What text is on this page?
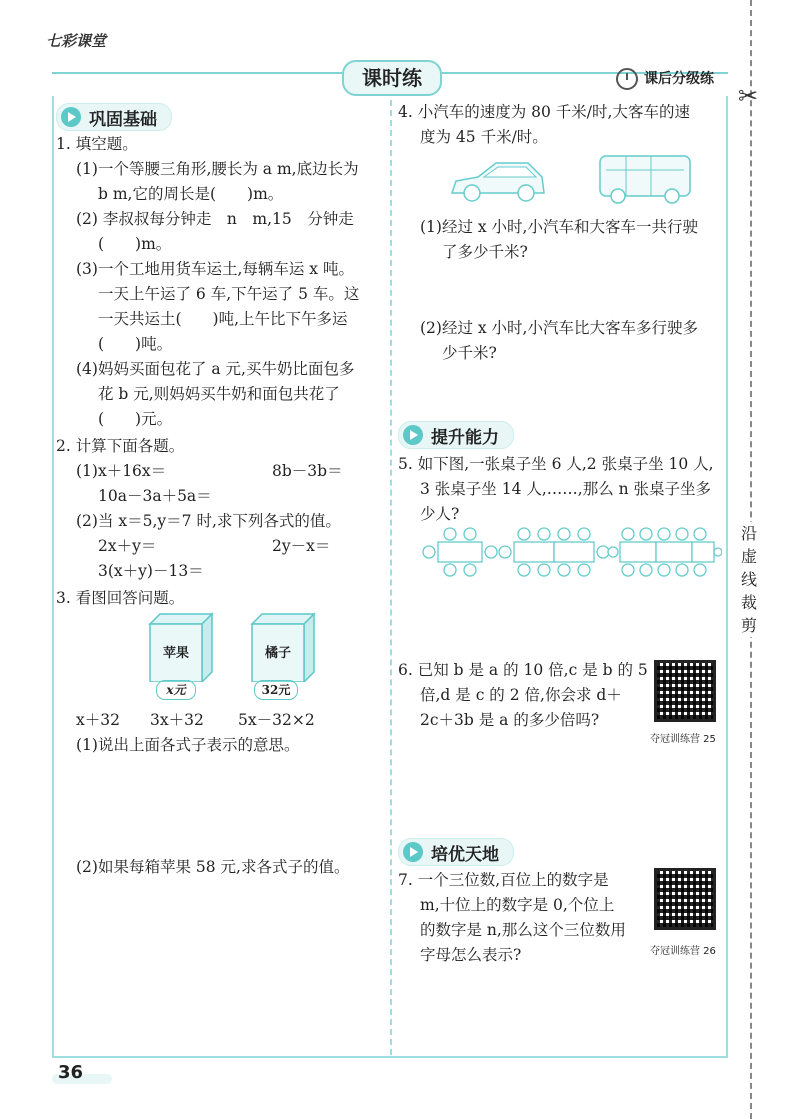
七彩课堂
课时练	课后分级练
✂
沿
虚
线
裁
剪
巩固基础
1. 填空题。
(1)一个等腰三角形,腰长为 a m,底边长为
b m,它的周长是(　　)m。
(2) 李叔叔每分钟走　n　m,15　分钟走
(　　)m。
(3)一个工地用货车运土,每辆车运 x 吨。
一天上午运了 6 车,下午运了 5 车。这
一天共运土(　　)吨,上午比下午多运
(　　)吨。
(4)妈妈买面包花了 a 元,买牛奶比面包多
花 b 元,则妈妈买牛奶和面包共花了
(　　)元。
2. 计算下面各题。
(1)x＋16x＝	8b－3b＝
10a－3a＋5a＝
(2)当 x＝5,y＝7 时,求下列各式的值。
2x＋y＝	2y－x＝
3(x＋y)－13＝
3. 看图回答问题。
苹果
x元
橘子
32元
x＋32 3x＋32 5x－32×2
(1)说出上面各式子表示的意思。
(2)如果每箱苹果 58 元,求各式子的值。
4. 小汽车的速度为 80 千米/时,大客车的速
度为 45 千米/时。
(1)经过 x 小时,小汽车和大客车一共行驶
了多少千米?
(2)经过 x 小时,小汽车比大客车多行驶多
少千米?
提升能力
5. 如下图,一张桌子坐 6 人,2 张桌子坐 10 人,
3 张桌子坐 14 人,……,那么 n 张桌子坐多
少人?
6. 已知 b 是 a 的 10 倍,c 是 b 的 5
倍,d 是 c 的 2 倍,你会求 d＋
2c＋3b 是 a 的多少倍吗?
夺冠训练营 25
培优天地
7. 一个三位数,百位上的数字是
m,十位上的数字是 0,个位上
的数字是 n,那么这个三位数用
字母怎么表示?	夺冠训练营 26
36
